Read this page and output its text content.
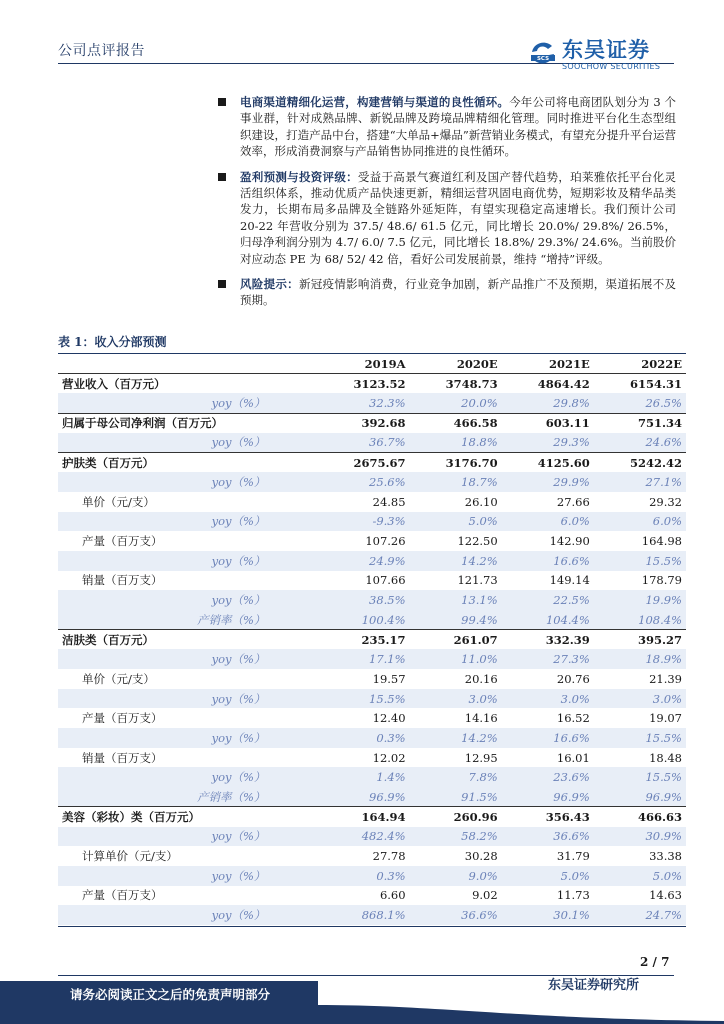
公司点评报告	SCS 东吴证券
SOOCHOW SECURITIES
电商渠道精细化运营，构建营销与渠道的良性循环。今年公司将电商团队划分为 3 个事业群，针对成熟品牌、新锐品牌及跨境品牌精细化管理。同时推进平台化生态型组织建设，打造产品中台，搭建“大单品+爆品”新营销业务模式，有望充分提升平台运营效率，形成消费洞察与产品销售协同推进的良性循环。
盈利预测与投资评级：受益于高景气赛道红利及国产替代趋势，珀莱雅依托平台化灵活组织体系，推动优质产品快速更新，精细运营巩固电商优势，短期彩妆及精华品类发力，长期布局多品牌及全链路外延矩阵，有望实现稳定高速增长。我们预计公司 20-22 年营收分别为 37.5/ 48.6/ 61.5 亿元，同比增长 20.0%/ 29.8%/ 26.5%，归母净利润分别为 4.7/ 6.0/ 7.5 亿元，同比增长 18.8%/ 29.3%/ 24.6%。当前股价对应动态 PE 为 68/ 52/ 42 倍，看好公司发展前景，维持 “增持”评级。
风险提示：新冠疫情影响消费，行业竞争加剧，新产品推广不及预期，渠道拓展不及预期。
表 1：收入分部预测
	2019A	2020E	2021E	2022E
营业收入（百万元）	3123.52	3748.73	4864.42	6154.31
yoy（%）	32.3%	20.0%	29.8%	26.5%
归属于母公司净利润（百万元）	392.68	466.58	603.11	751.34
yoy（%）	36.7%	18.8%	29.3%	24.6%
护肤类（百万元）	2675.67	3176.70	4125.60	5242.42
yoy（%）	25.6%	18.7%	29.9%	27.1%
单价（元/支）	24.85	26.10	27.66	29.32
yoy（%）	-9.3%	5.0%	6.0%	6.0%
产量（百万支）	107.26	122.50	142.90	164.98
yoy（%）	24.9%	14.2%	16.6%	15.5%
销量（百万支）	107.66	121.73	149.14	178.79
yoy（%）	38.5%	13.1%	22.5%	19.9%
产销率（%）	100.4%	99.4%	104.4%	108.4%
洁肤类（百万元）	235.17	261.07	332.39	395.27
yoy（%）	17.1%	11.0%	27.3%	18.9%
单价（元/支）	19.57	20.16	20.76	21.39
yoy（%）	15.5%	3.0%	3.0%	3.0%
产量（百万支）	12.40	14.16	16.52	19.07
yoy（%）	0.3%	14.2%	16.6%	15.5%
销量（百万支）	12.02	12.95	16.01	18.48
yoy（%）	1.4%	7.8%	23.6%	15.5%
产销率（%）	96.9%	91.5%	96.9%	96.9%
美容（彩妆）类（百万元）	164.94	260.96	356.43	466.63
yoy（%）	482.4%	58.2%	36.6%	30.9%
计算单价（元/支）	27.78	30.28	31.79	33.38
yoy（%）	0.3%	9.0%	5.0%	5.0%
产量（百万支）	6.60	9.02	11.73	14.63
yoy（%）	868.1%	36.6%	30.1%	24.7%
2 / 7
东吴证券研究所
请务必阅读正文之后的免责声明部分
